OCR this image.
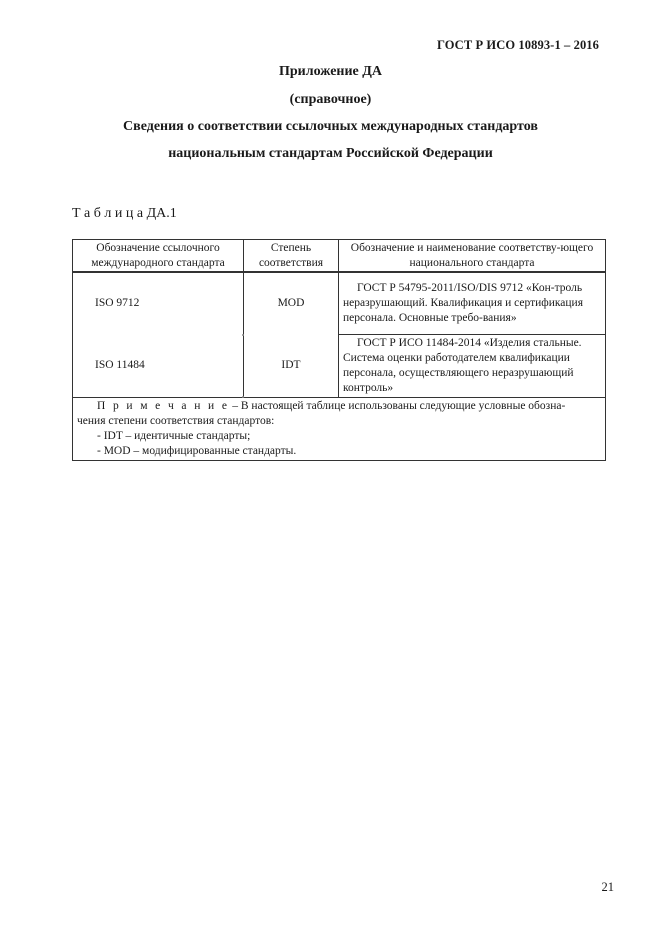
ГОСТ Р ИСО 10893-1 – 2016
Приложение ДА
(справочное)
Сведения о соответствии ссылочных международных стандартов
национальным стандартам Российской Федерации
Т а б л и ц а ДА.1
Обозначение ссылочного международного стандарта	Степень соответствия	Обозначение и наименование соответству-ющего национального стандарта
ISO 9712	MOD	ГОСТ Р 54795-2011/ISO/DIS 9712 «Кон-троль неразрушающий. Квалификация и сертификация персонала. Основные требо-вания»
ISO 11484	IDT	ГОСТ Р ИСО 11484-2014 «Изделия стальные. Система оценки работодателем квалификации персонала, осуществляющего неразрушающий контроль»

П р и м е ч а н и е – В настоящей таблице использованы следующие условные обозна-
чения степени соответствия стандартов:
- IDT – идентичные стандарты;
- MOD – модифицированные стандарты.		
21
